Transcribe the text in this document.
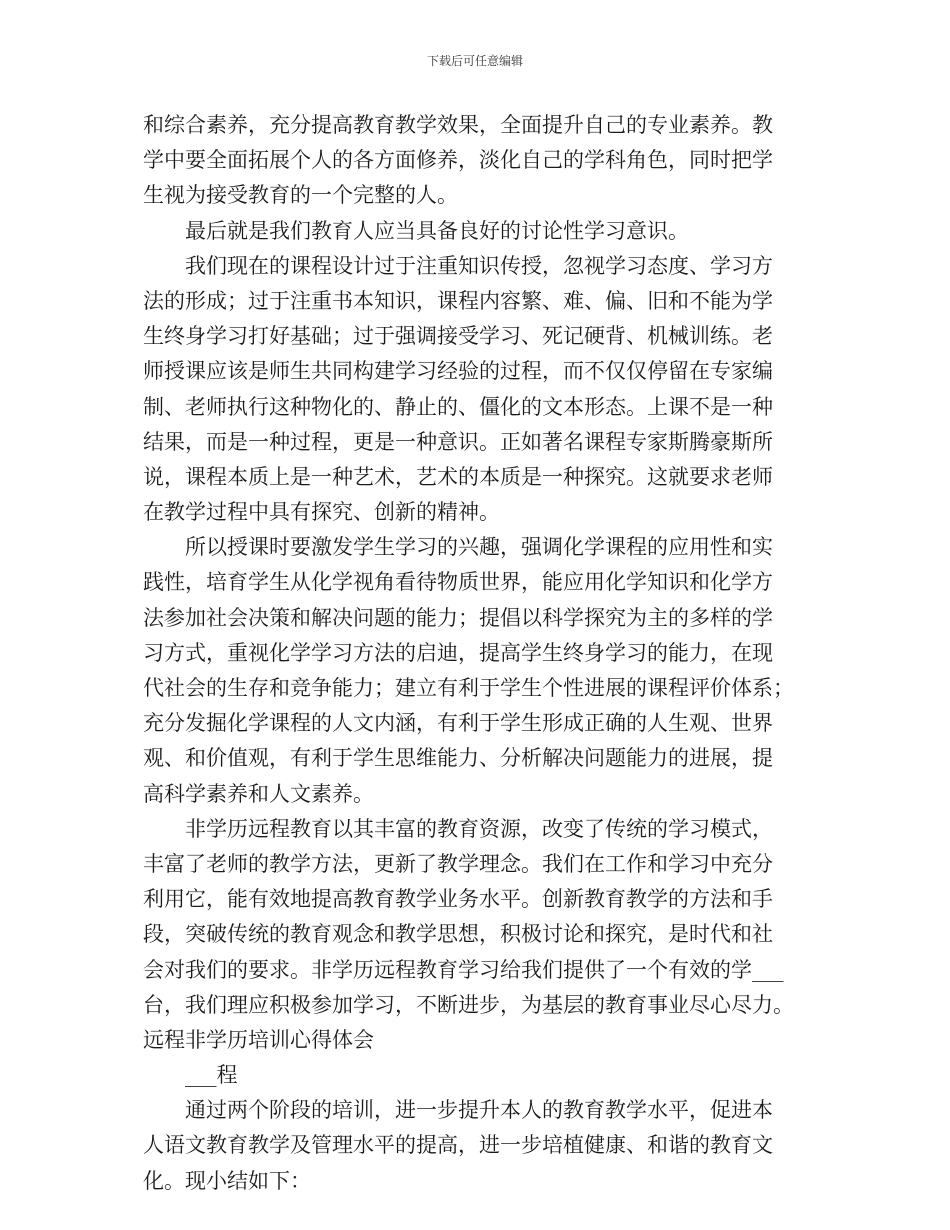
下载后可任意编辑
和综合素养，充分提高教育教学效果，全面提升自己的专业素养。教
学中要全面拓展个人的各方面修养，淡化自己的学科角色，同时把学
生视为接受教育的一个完整的人。
最后就是我们教育人应当具备良好的讨论性学习意识。
我们现在的课程设计过于注重知识传授，忽视学习态度、学习方
法的形成；过于注重书本知识，课程内容繁、难、偏、旧和不能为学
生终身学习打好基础；过于强调接受学习、死记硬背、机械训练。老
师授课应该是师生共同构建学习经验的过程，而不仅仅停留在专家编
制、老师执行这种物化的、静止的、僵化的文本形态。上课不是一种
结果，而是一种过程，更是一种意识。正如著名课程专家斯腾豪斯所
说，课程本质上是一种艺术，艺术的本质是一种探究。这就要求老师
在教学过程中具有探究、创新的精神。
所以授课时要激发学生学习的兴趣，强调化学课程的应用性和实
践性，培育学生从化学视角看待物质世界，能应用化学知识和化学方
法参加社会决策和解决问题的能力；提倡以科学探究为主的多样的学
习方式，重视化学学习方法的启迪，提高学生终身学习的能力，在现
代社会的生存和竞争能力；建立有利于学生个性进展的课程评价体系；
充分发掘化学课程的人文内涵，有利于学生形成正确的人生观、世界
观、和价值观，有利于学生思维能力、分析解决问题能力的进展，提
高科学素养和人文素养。
非学历远程教育以其丰富的教育资源，改变了传统的学习模式，
丰富了老师的教学方法，更新了教学理念。我们在工作和学习中充分
利用它，能有效地提高教育教学业务水平。创新教育教学的方法和手
段，突破传统的教育观念和教学思想，积极讨论和探究，是时代和社
会对我们的要求。非学历远程教育学习给我们提供了一个有效的学___
台，我们理应积极参加学习，不断进步，为基层的教育事业尽心尽力。
远程非学历培训心得体会
___程
通过两个阶段的培训，进一步提升本人的教育教学水平，促进本
人语文教育教学及管理水平的提高，进一步培植健康、和谐的教育文
化。现小结如下：
